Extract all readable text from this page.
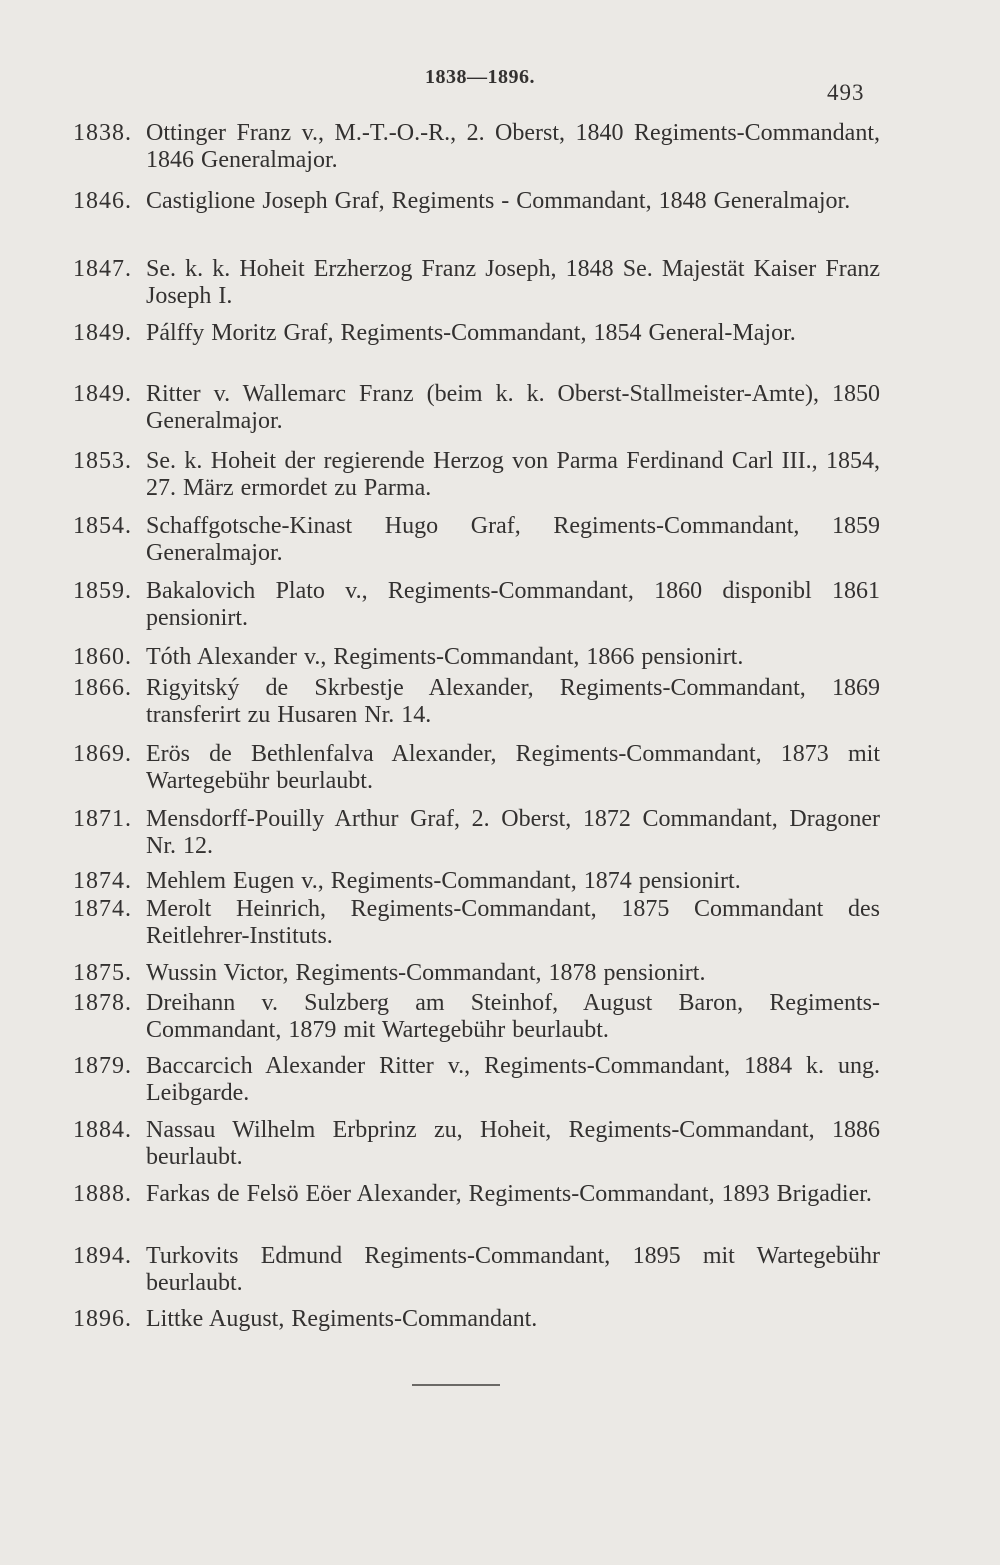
1838—1896.
493
1838. Ottinger Franz v., M.-T.-O.-R., 2. Oberst, 1840 Regiments-Commandant, 1846 Generalmajor.
1846. Castiglione Joseph Graf, Regiments - Commandant, 1848 Generalmajor.
1847. Se. k. k. Hoheit Erzherzog Franz Joseph, 1848 Se. Majestät Kaiser Franz Joseph I.
1849. Pálffy Moritz Graf, Regiments-Commandant, 1854 General-Major.
1849. Ritter v. Wallemarc Franz (beim k. k. Oberst-Stallmeister-Amte), 1850 Generalmajor.
1853. Se. k. Hoheit der regierende Herzog von Parma Ferdinand Carl III., 1854, 27. März ermordet zu Parma.
1854. Schaffgotsche-Kinast Hugo Graf, Regiments-Commandant, 1859 Generalmajor.
1859. Bakalovich Plato v., Regiments-Commandant, 1860 disponibl 1861 pensionirt.
1860. Tóth Alexander v., Regiments-Commandant, 1866 pensionirt.
1866. Rigyitský de Skrbestje Alexander, Regiments-Commandant, 1869 transferirt zu Husaren Nr. 14.
1869. Erös de Bethlenfalva Alexander, Regiments-Commandant, 1873 mit Wartegebühr beurlaubt.
1871. Mensdorff-Pouilly Arthur Graf, 2. Oberst, 1872 Commandant, Dragoner Nr. 12.
1874. Mehlem Eugen v., Regiments-Commandant, 1874 pensionirt.
1874. Merolt Heinrich, Regiments-Commandant, 1875 Commandant des Reitlehrer-Instituts.
1875. Wussin Victor, Regiments-Commandant, 1878 pensionirt.
1878. Dreihann v. Sulzberg am Steinhof, August Baron, Regiments-Commandant, 1879 mit Wartegebühr beurlaubt.
1879. Baccarcich Alexander Ritter v., Regiments-Commandant, 1884 k. ung. Leibgarde.
1884. Nassau Wilhelm Erbprinz zu, Hoheit, Regiments-Commandant, 1886 beurlaubt.
1888. Farkas de Felsö Eöer Alexander, Regiments-Commandant, 1893 Brigadier.
1894. Turkovits Edmund Regiments-Commandant, 1895 mit Wartegebühr beurlaubt.
1896. Littke August, Regiments-Commandant.
